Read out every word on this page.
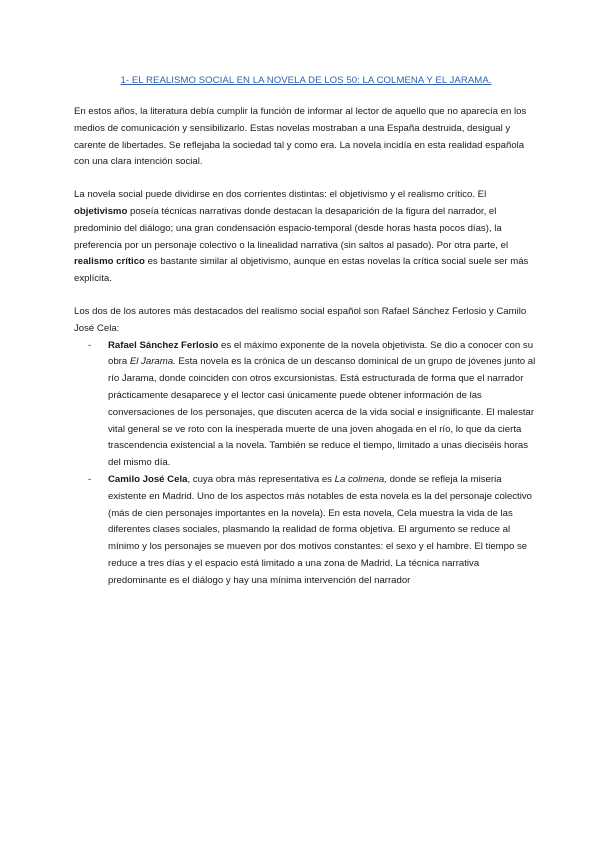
1- EL REALISMO SOCIAL EN LA NOVELA DE LOS 50: LA COLMENA Y EL JARAMA.

En estos años, la literatura debía cumplir la función de informar al lector de aquello que no aparecía en los medios de comunicación y sensibilizarlo. Estas novelas mostraban a una España destruida, desigual y carente de libertades. Se reflejaba la sociedad tal y como era. La novela incidía en esta realidad española con una clara intención social.

La novela social puede dividirse en dos corrientes distintas: el objetivismo y el realismo crítico. El objetivismo poseía técnicas narrativas donde destacan la desaparición de la figura del narrador, el predominio del diálogo; una gran condensación espacio-temporal (desde horas hasta pocos días), la preferencia por un personaje colectivo o la linealidad narrativa (sin saltos al pasado). Por otra parte, el realismo crítico es bastante similar al objetivismo, aunque en estas novelas la crítica social suele ser más explícita.

Los dos de los autores más destacados del realismo social español son Rafael Sánchez Ferlosio y Camilo José Cela:

- Rafael Sánchez Ferlosio es el máximo exponente de la novela objetivista. Se dio a conocer con su obra El Jarama. Esta novela es la crónica de un descanso dominical de un grupo de jóvenes junto al río Jarama, donde coinciden con otros excursionistas. Está estructurada de forma que el narrador prácticamente desaparece y el lector casi únicamente puede obtener información de las conversaciones de los personajes, que discuten acerca de la vida social e insignificante. El malestar vital general se ve roto con la inesperada muerte de una joven ahogada en el río, lo que da cierta trascendencia existencial a la novela. También se reduce el tiempo, limitado a unas dieciséis horas del mismo día.
- Camilo José Cela, cuya obra más representativa es La colmena, donde se refleja la miseria existente en Madrid. Uno de los aspectos más notables de esta novela es la del personaje colectivo (más de cien personajes importantes en la novela). En esta novela, Cela muestra la vida de las diferentes clases sociales, plasmando la realidad de forma objetiva. El argumento se reduce al mínimo y los personajes se mueven por dos motivos constantes: el sexo y el hambre. El tiempo se reduce a tres días y el espacio está limitado a una zona de Madrid. La técnica narrativa predominante es el diálogo y hay una mínima intervención del narrador
